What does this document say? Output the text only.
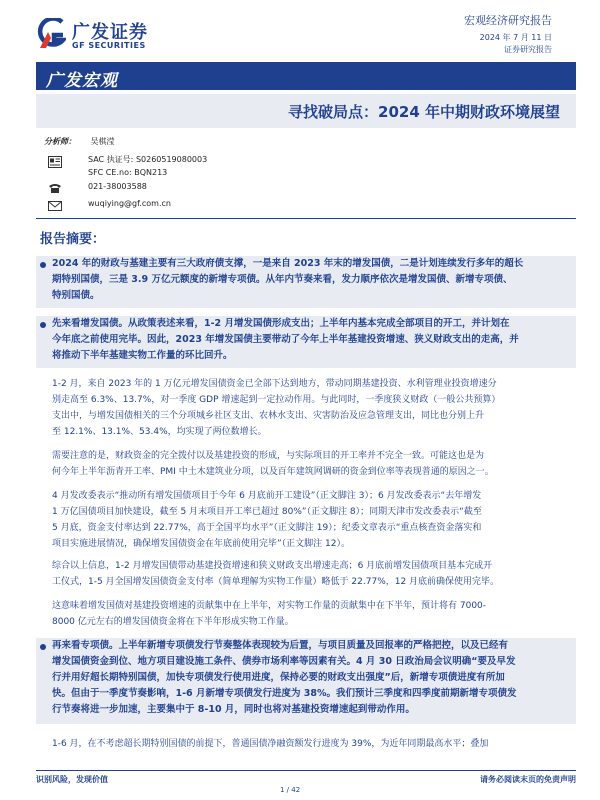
广发证券
GF SECURITIES
宏观经济研究报告
2024 年 7 月 11 日
证券研究报告
广发宏观
寻找破局点：2024 年中期财政环境展望
分析师： 吴棋滢
SAC 执证号: S0260519080003
SFC CE.no: BQN213
021-38003588
wuqiying@gf.com.cn
报告摘要：
2024 年的财政与基建主要有三大政府债支撑，一是来自 2023 年末的增发国债，二是计划连续发行多年的超长
期特别国债，三是 3.9 万亿元额度的新增专项债。从年内节奏来看，发力顺序依次是增发国债、新增专项债、
特别国债。
先来看增发国债。从政策表述来看，1-2 月增发国债形成支出；上半年内基本完成全部项目的开工，并计划在
今年底之前使用完毕。因此，2023 年增发国债主要带动了今年上半年基建投资增速、狭义财政支出的走高，并
将推动下半年基建实物工作量的环比回升。
1-2 月，来自 2023 年的 1 万亿元增发国债资金已全部下达到地方，带动同期基建投资、水利管理业投资增速分
别走高至 6.3%、13.7%，对一季度 GDP 增速起到一定拉动作用。与此同时，一季度狭义财政（一般公共预算）
支出中，与增发国债相关的三个分项城乡社区支出、农林水支出、灾害防治及应急管理支出，同比也分别上升
至 12.1%、13.1%、53.4%，均实现了两位数增长。
需要注意的是，财政资金的完全拨付以及基建投资的形成，与实际项目的开工率并不完全一致。可能这也是为
何今年上半年沥青开工率、PMI 中土木建筑业分项，以及百年建筑网调研的资金到位率等表现普通的原因之一。
4 月发改委表示“推动所有增发国债项目于今年 6 月底前开工建设”（正文脚注 3）；6 月发改委表示“去年增发
1 万亿国债项目加快建设，截至 5 月末项目开工率已超过 80%”（正文脚注 8）；同期天津市发改委表示“截至
5 月底，资金支付率达到 22.77%，高于全国平均水平”（正文脚注 19）；纪委文章表示“重点核查资金落实和
项目实施进展情况，确保增发国债资金在年底前使用完毕”（正文脚注 12）。
综合以上信息，1-2 月增发国债带动基建投资增速和狭义财政支出增速走高；6 月底前增发国债项目基本完成开
工仪式，1-5 月全国增发国债资金支付率（简单理解为实物工作量）略低于 22.77%，12 月底前确保使用完毕。
这意味着增发国债对基建投资增速的贡献集中在上半年，对实物工作量的贡献集中在下半年，预计将有 7000-
8000 亿元左右的增发国债资金将在下半年形成实物工作量。
再来看专项债。上半年新增专项债发行节奏整体表现较为后置，与项目质量及回报率的严格把控，以及已经有
增发国债资金到位、地方项目建设施工条件、债券市场利率等因素有关。4 月 30 日政治局会议明确“要及早发
行并用好超长期特别国债，加快专项债发行使用进度，保持必要的财政支出强度”后，新增专项债进度有所加
快。但由于一季度节奏影响，1-6 月新增专项债发行进度为 38%。我们预计三季度和四季度前期新增专项债发
行节奏将进一步加速，主要集中于 8-10 月，同时也将对基建投资增速起到带动作用。
1-6 月，在不考虑超长期特别国债的前提下，普通国债净融资额发行进度为 39%，为近年同期最高水平；叠加
识别风险，发现价值	请务必阅读末页的免责声明
1 / 42
